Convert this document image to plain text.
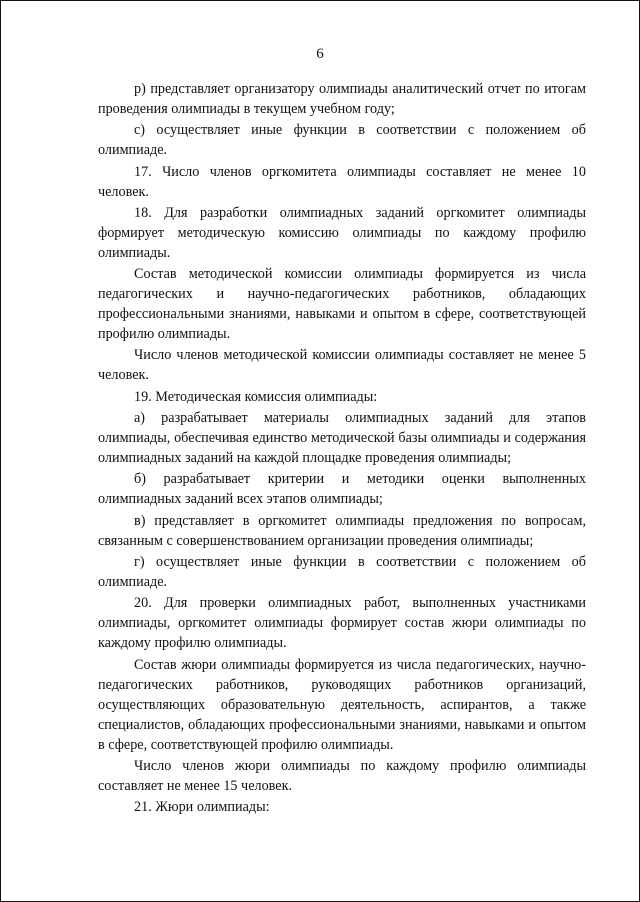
6

р) представляет организатору олимпиады аналитический отчет по итогам проведения олимпиады в текущем учебном году;

с) осуществляет иные функции в соответствии с положением об олимпиаде.

17. Число членов оргкомитета олимпиады составляет не менее 10 человек.

18. Для разработки олимпиадных заданий оргкомитет олимпиады формирует методическую комиссию олимпиады по каждому профилю олимпиады.

Состав методической комиссии олимпиады формируется из числа педагогических и научно-педагогических работников, обладающих профессиональными знаниями, навыками и опытом в сфере, соответствующей профилю олимпиады.

Число членов методической комиссии олимпиады составляет не менее 5 человек.

19. Методическая комиссия олимпиады:

а) разрабатывает материалы олимпиадных заданий для этапов олимпиады, обеспечивая единство методической базы олимпиады и содержания олимпиадных заданий на каждой площадке проведения олимпиады;

б) разрабатывает критерии и методики оценки выполненных олимпиадных заданий всех этапов олимпиады;

в) представляет в оргкомитет олимпиады предложения по вопросам, связанным с совершенствованием организации проведения олимпиады;

г) осуществляет иные функции в соответствии с положением об олимпиаде.

20. Для проверки олимпиадных работ, выполненных участниками олимпиады, оргкомитет олимпиады формирует состав жюри олимпиады по каждому профилю олимпиады.

Состав жюри олимпиады формируется из числа педагогических, научно-педагогических работников, руководящих работников организаций, осуществляющих образовательную деятельность, аспирантов, а также специалистов, обладающих профессиональными знаниями, навыками и опытом в сфере, соответствующей профилю олимпиады.

Число членов жюри олимпиады по каждому профилю олимпиады составляет не менее 15 человек.

21. Жюри олимпиады:
